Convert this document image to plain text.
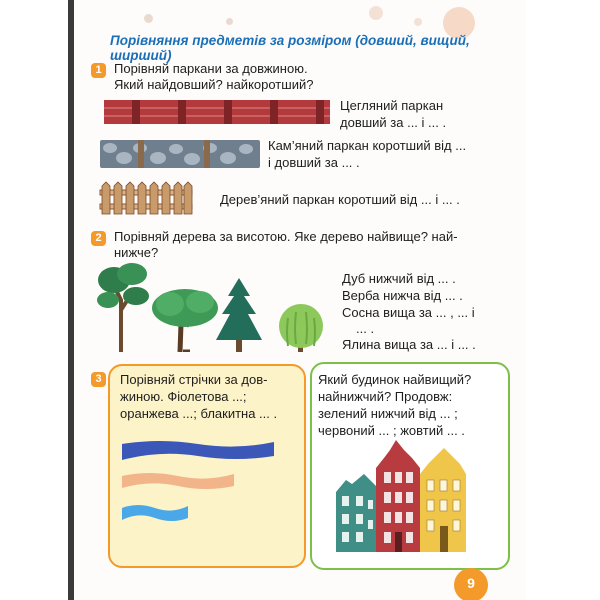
Порівняння предметів за розміром (довший, вищий, ширший)
1 Порівняй паркани за довжиною.
Який найдовший? найкоротший?
Цегляний паркан
довший за ... і ... .
Кам’яний паркан коротший від ...
і довший за ... .
Дерев’яний паркан коротший від ... і ... .
2 Порівняй дерева за висотою. Яке дерево найвище? най-
нижче?
Дуб нижчий від ... .
Верба нижча від ... .
Сосна вища за ... , ... і
... .
Ялина вища за ... і ... .
3	Порівняй стрічки за дов-
жиною. Фіолетова ...;
оранжева ...; блакитна ... .
Який будинок найвищий?
найнижчий? Продовж:
зелений нижчий від ... ;
червоний ... ; жовтий ... .
9
